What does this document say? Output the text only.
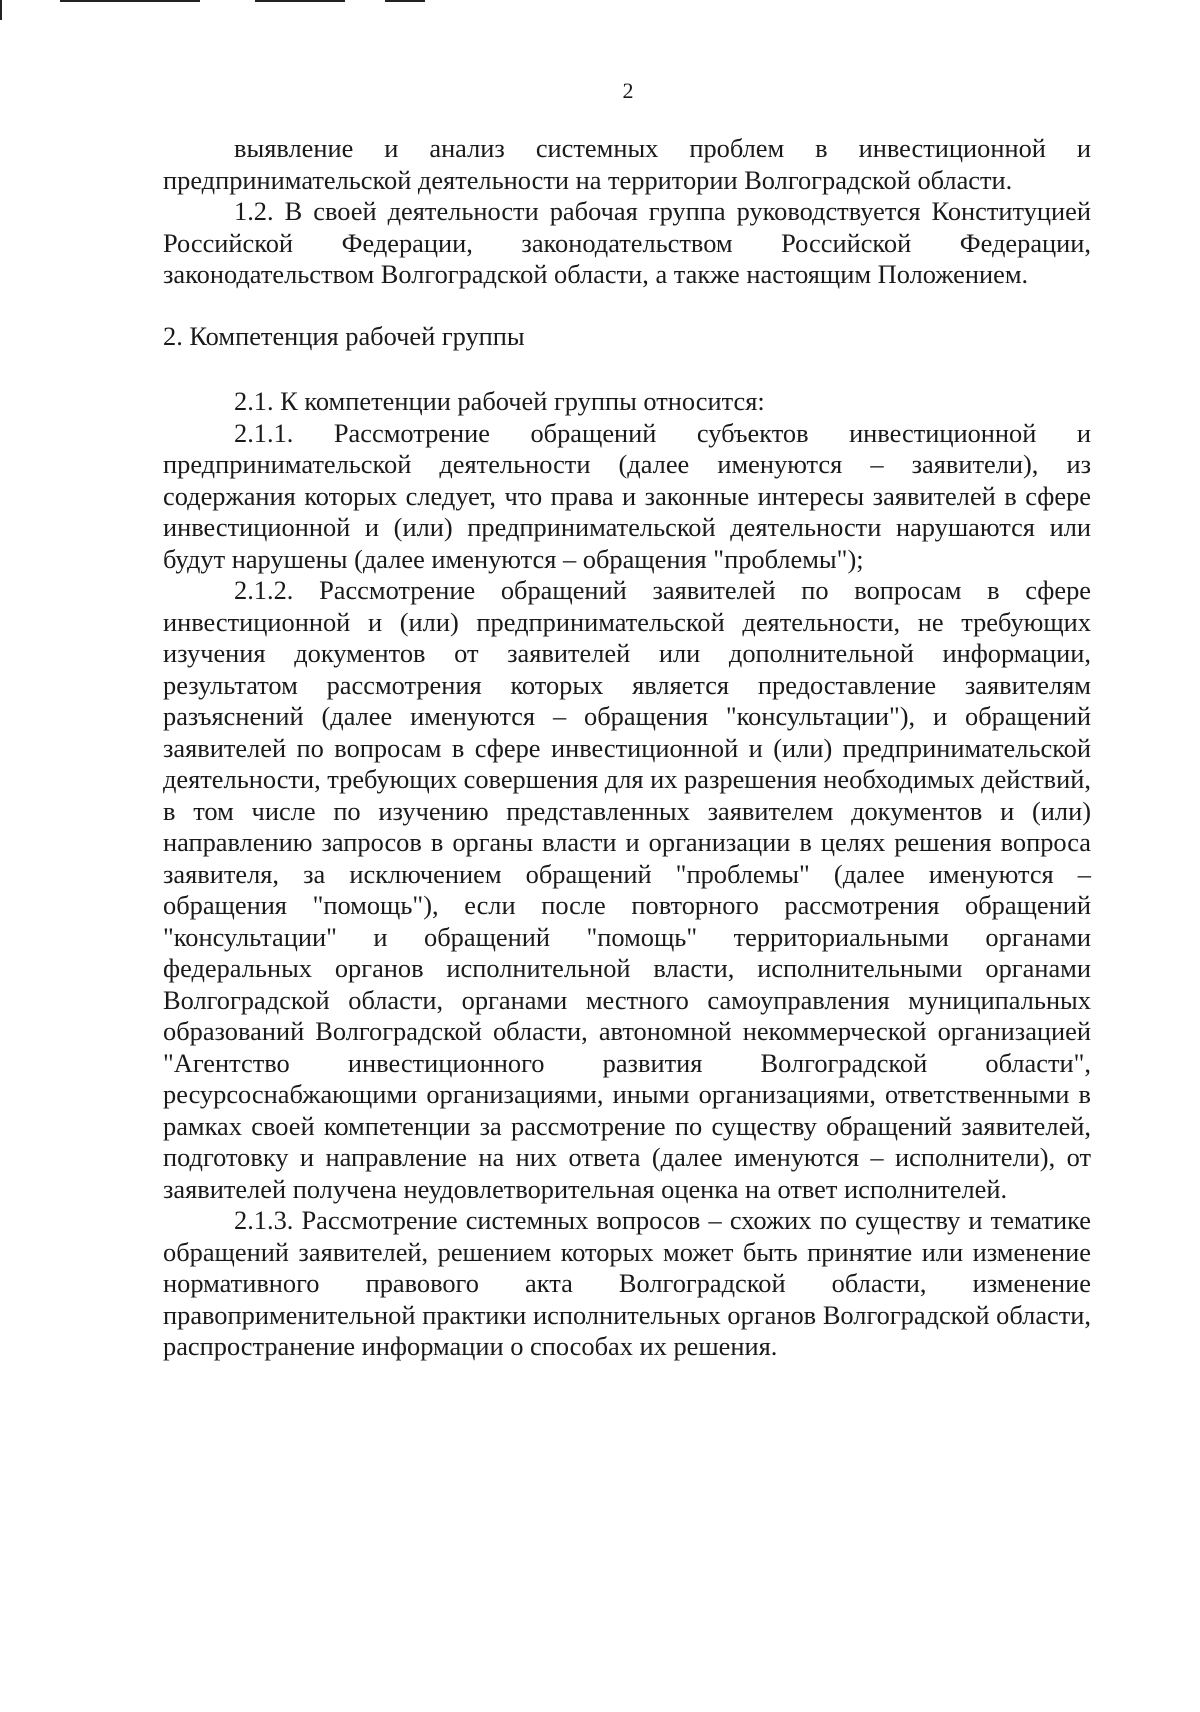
2

выявление и анализ системных проблем в инвестиционной и предпринимательской деятельности на территории Волгоградской области.

1.2. В своей деятельности рабочая группа руководствуется Конституцией Российской Федерации, законодательством Российской Федерации, законодательством Волгоградской области, а также настоящим Положением.

2. Компетенция рабочей группы

2.1. К компетенции рабочей группы относится:

2.1.1. Рассмотрение обращений субъектов инвестиционной и предпринимательской деятельности (далее именуются – заявители), из содержания которых следует, что права и законные интересы заявителей в сфере инвестиционной и (или) предпринимательской деятельности нарушаются или будут нарушены (далее именуются – обращения "проблемы");

2.1.2. Рассмотрение обращений заявителей по вопросам в сфере инвестиционной и (или) предпринимательской деятельности, не требующих изучения документов от заявителей или дополнительной информации, результатом рассмотрения которых является предоставление заявителям разъяснений (далее именуются – обращения "консультации"), и обращений заявителей по вопросам в сфере инвестиционной и (или) предпринимательской деятельности, требующих совершения для их разрешения необходимых действий, в том числе по изучению представленных заявителем документов и (или) направлению запросов в органы власти и организации в целях решения вопроса заявителя, за исключением обращений "проблемы" (далее именуются – обращения "помощь"), если после повторного рассмотрения обращений "консультации" и обращений "помощь" территориальными органами федеральных органов исполнительной власти, исполнительными органами Волгоградской области, органами местного самоуправления муниципальных образований Волгоградской области, автономной некоммерческой организацией "Агентство инвестиционного развития Волгоградской области", ресурсоснабжающими организациями, иными организациями, ответственными в рамках своей компетенции за рассмотрение по существу обращений заявителей, подготовку и направление на них ответа (далее именуются – исполнители), от заявителей получена неудовлетворительная оценка на ответ исполнителей.

2.1.3. Рассмотрение системных вопросов – схожих по существу и тематике обращений заявителей, решением которых может быть принятие или изменение нормативного правового акта Волгоградской области, изменение правоприменительной практики исполнительных органов Волгоградской области, распространение информации о способах их решения.
